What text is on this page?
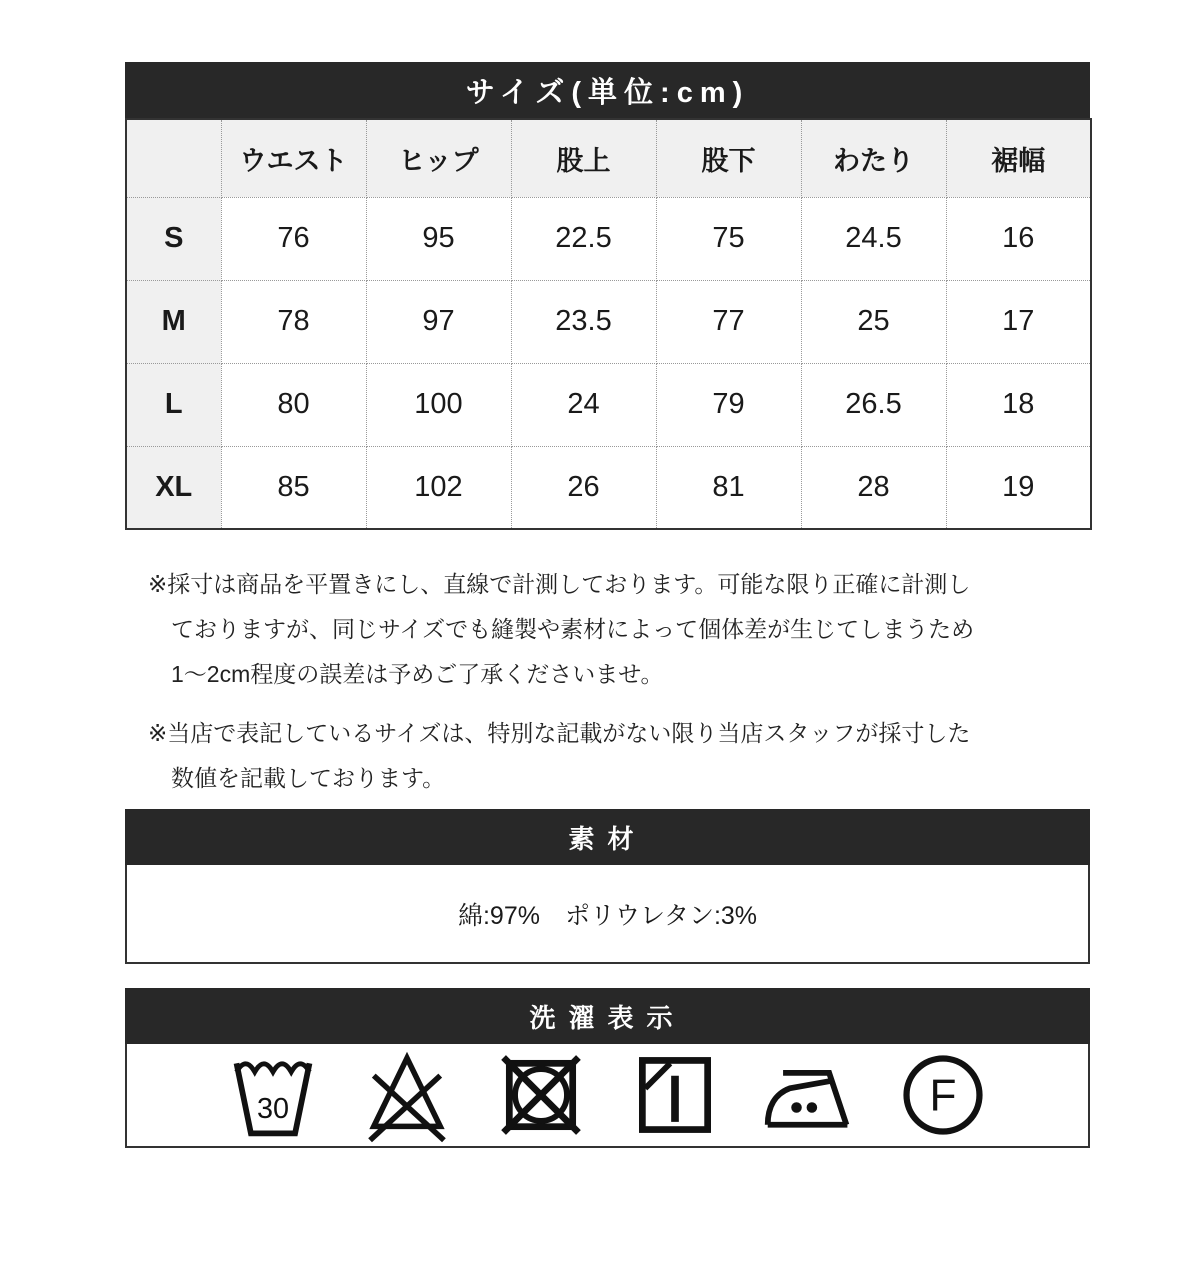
サイズ(単位:cm)
	ウエスト	ヒップ	股上	股下	わたり	裾幅
S	76	95	22.5	75	24.5	16
M	78	97	23.5	77	25	17
L	80	100	24	79	26.5	18
XL	85	102	26	81	28	19
※採寸は商品を平置きにし、直線で計測しております。可能な限り正確に計測し
ておりますが、同じサイズでも縫製や素材によって個体差が生じてしまうため
1〜2cm程度の誤差は予めご了承くださいませ。
※当店で表記しているサイズは、特別な記載がない限り当店スタッフが採寸した
数値を記載しております。
素材
綿:97%　ポリウレタン:3%
洗濯表示
30	F
